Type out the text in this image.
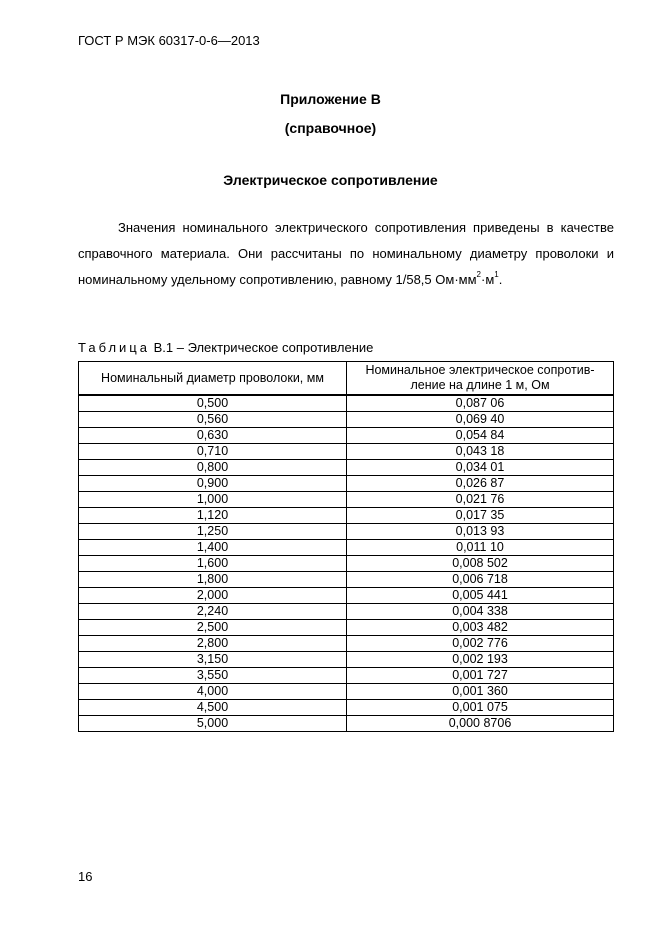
ГОСТ Р МЭК 60317-0-6—2013
Приложение В
(справочное)
Электрическое сопротивление
Значения номинального электрического сопротивления приведены в качестве справочного материала. Они рассчитаны по номинальному диаметру проволоки и номинальному удельному сопротивлению, равному 1/58,5 $Ом\cdot мм^2\cdot м^1$.
Таблица В.1 – Электрическое сопротивление
Номинальный диаметр проволоки, мм	Номинальное электрическое сопротив-ление на длине 1 м, Ом

0,500	0,087 06
0,560	0,069 40
0,630	0,054 84
0,710	0,043 18
0,800	0,034 01
0,900	0,026 87
1,000	0,021 76
1,120	0,017 35
1,250	0,013 93
1,400	0,011 10
1,600	0,008 502
1,800	0,006 718
2,000	0,005 441
2,240	0,004 338
2,500	0,003 482
2,800	0,002 776
3,150	0,002 193
3,550	0,001 727
4,000	0,001 360
4,500	0,001 075
5,000	0,000 8706
16
